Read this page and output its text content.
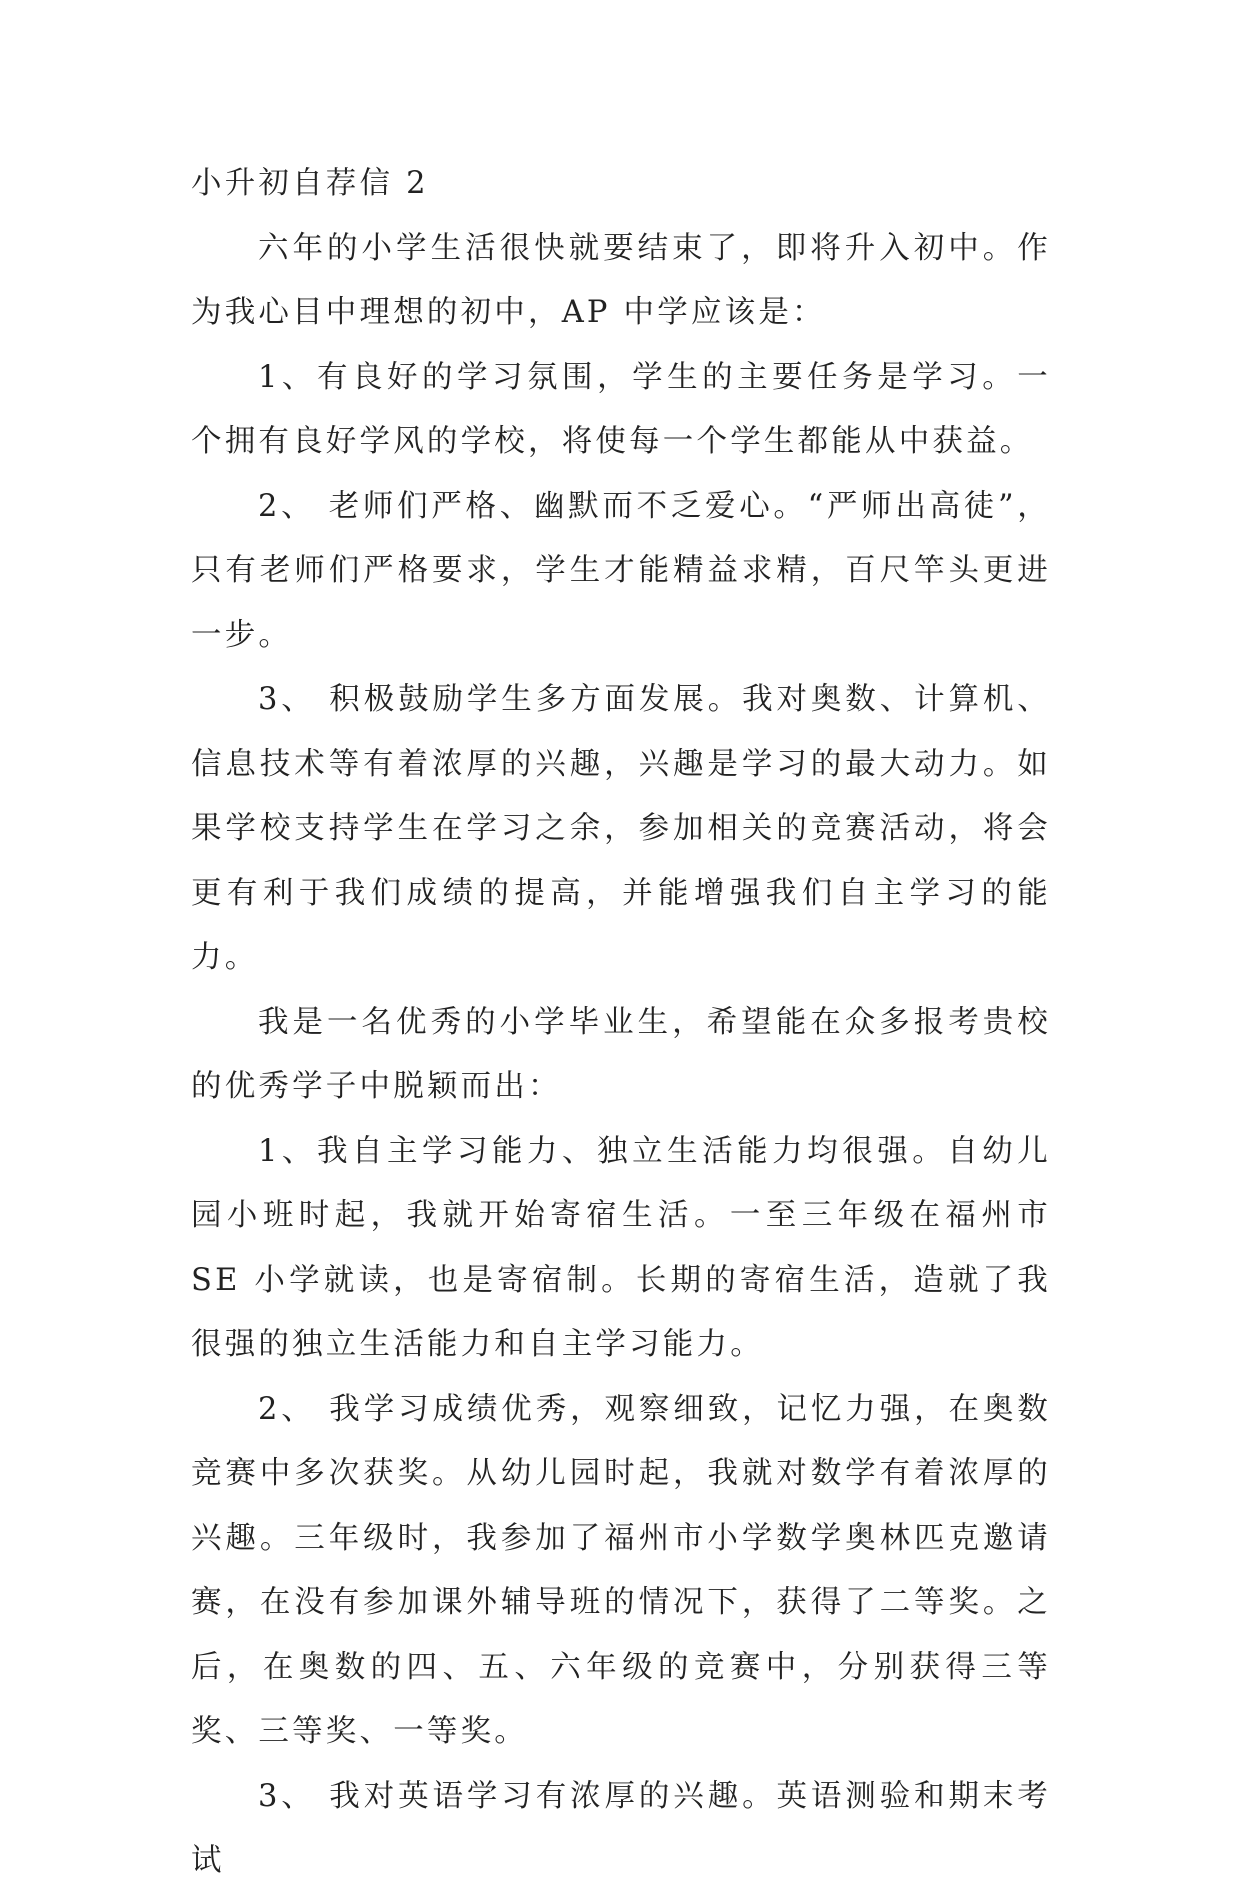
小升初自荐信 2

六年的小学生活很快就要结束了，即将升入初中。作为我心目中理想的初中，AP 中学应该是：

1、有良好的学习氛围，学生的主要任务是学习。一个拥有良好学风的学校，将使每一个学生都能从中获益。

2、 老师们严格、幽默而不乏爱心。“严师出高徒”，只有老师们严格要求，学生才能精益求精，百尺竿头更进一步。

3、 积极鼓励学生多方面发展。我对奥数、计算机、信息技术等有着浓厚的兴趣，兴趣是学习的最大动力。如果学校支持学生在学习之余，参加相关的竞赛活动，将会更有利于我们成绩的提高，并能增强我们自主学习的能力。

我是一名优秀的小学毕业生，希望能在众多报考贵校的优秀学子中脱颖而出：

1、我自主学习能力、独立生活能力均很强。自幼儿园小班时起，我就开始寄宿生活。一至三年级在福州市 SE 小学就读，也是寄宿制。长期的寄宿生活，造就了我很强的独立生活能力和自主学习能力。

2、 我学习成绩优秀，观察细致，记忆力强，在奥数竞赛中多次获奖。从幼儿园时起，我就对数学有着浓厚的兴趣。三年级时，我参加了福州市小学数学奥林匹克邀请赛，在没有参加课外辅导班的情况下，获得了二等奖。之后，在奥数的四、五、六年级的竞赛中，分别获得三等奖、三等奖、一等奖。

3、 我对英语学习有浓厚的兴趣。英语测验和期末考试
